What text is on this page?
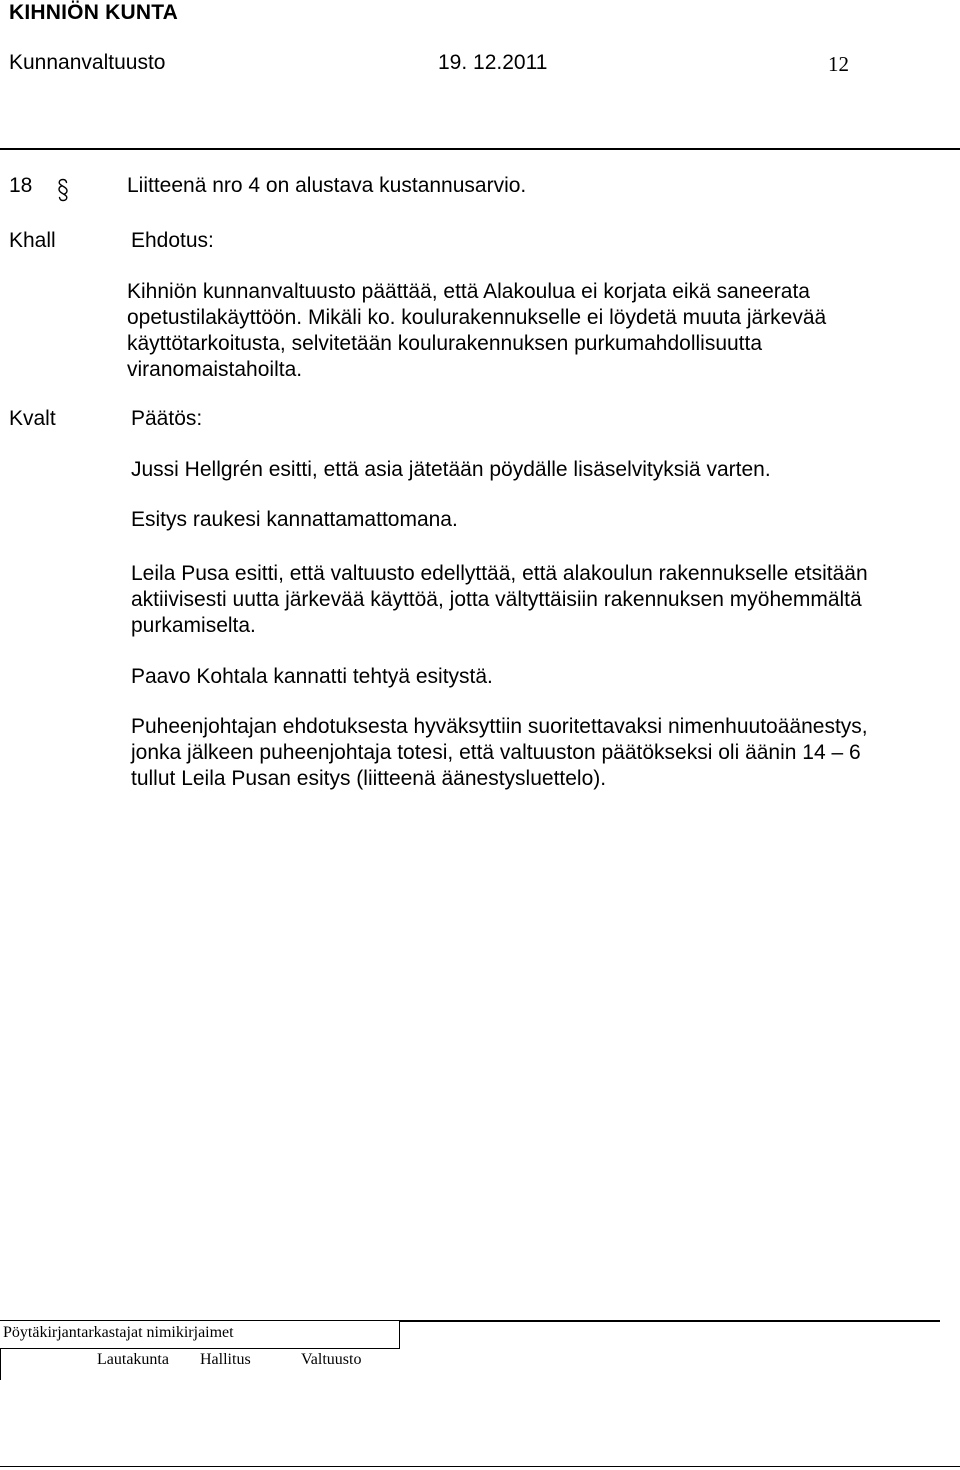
KIHNIÖN KUNTA
Kunnanvaltuusto	19. 12.2011	12
18	Liitteenä nro 4 on alustava kustannusarvio.
Khall	Ehdotus:
Kihniön kunnanvaltuusto päättää, että Alakoulua ei korjata eikä saneerata
opetustilakäyttöön. Mikäli ko. koulurakennukselle ei löydetä muuta järkevää
käyttötarkoitusta, selvitetään koulurakennuksen purkumahdollisuutta
viranomaistahoilta.
Kvalt	Päätös:
Jussi Hellgrén esitti, että asia jätetään pöydälle lisäselvityksiä varten.
Esitys raukesi kannattamattomana.
Leila Pusa esitti, että valtuusto edellyttää, että alakoulun rakennukselle etsitään
aktiivisesti uutta järkevää käyttöä, jotta vältyttäisiin rakennuksen myöhemmältä
purkamiselta.
Paavo Kohtala kannatti tehtyä esitystä.
Puheenjohtajan ehdotuksesta hyväksyttiin suoritettavaksi nimenhuutoäänestys,
jonka jälkeen puheenjohtaja totesi, että valtuuston päätökseksi oli äänin 14 – 6
tullut Leila Pusan esitys (liitteenä äänestysluettelo).
Pöytäkirjantarkastajat nimikirjaimet
Lautakunta Hallitus	Valtuusto
